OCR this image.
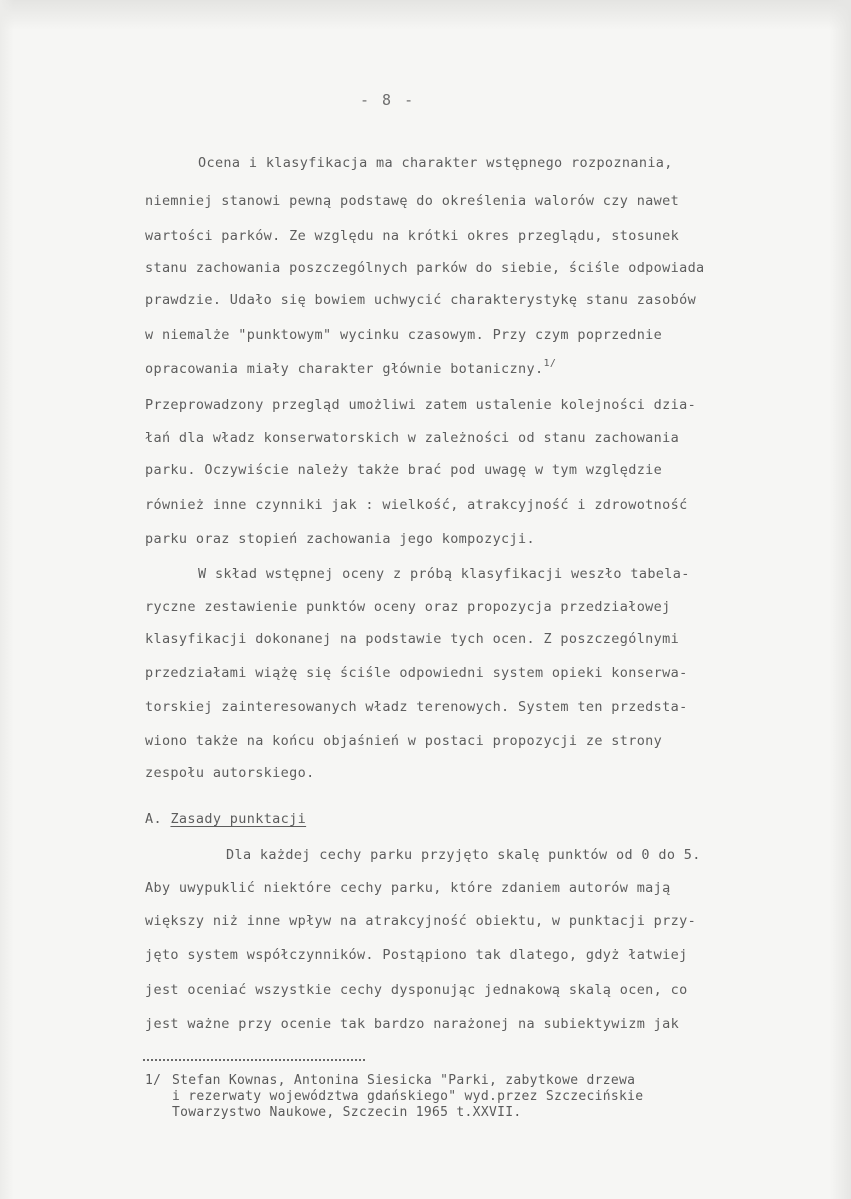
- 8 -
Ocena i klasyfikacja ma charakter wstępnego rozpoznania,
niemniej stanowi pewną podstawę do określenia walorów czy nawet
wartości parków. Ze względu na krótki okres przeglądu, stosunek
stanu zachowania poszczególnych parków do siebie, ściśle odpowiada
prawdzie. Udało się bowiem uchwycić charakterystykę stanu zasobów
w niemalże "punktowym" wycinku czasowym. Przy czym poprzednie
opracowania miały charakter głównie botaniczny.$^{1/}$
Przeprowadzony przegląd umożliwi zatem ustalenie kolejności dzia-
łań dla władz konserwatorskich w zależności od stanu zachowania
parku. Oczywiście należy także brać pod uwagę w tym względzie
również inne czynniki jak : wielkość, atrakcyjność i zdrowotność
parku oraz stopień zachowania jego kompozycji.
W skład wstępnej oceny z próbą klasyfikacji weszło tabela-
ryczne zestawienie punktów oceny oraz propozycja przedziałowej
klasyfikacji dokonanej na podstawie tych ocen. Z poszczególnymi
przedziałami wiążę się ściśle odpowiedni system opieki konserwa-
torskiej zainteresowanych władz terenowych. System ten przedsta-
wiono także na końcu objaśnień w postaci propozycji ze strony
zespołu autorskiego.
A. Zasady punktacji
Dla każdej cechy parku przyjęto skalę punktów od 0 do 5.
Aby uwypuklić niektóre cechy parku, które zdaniem autorów mają
większy niż inne wpływ na atrakcyjność obiektu, w punktacji przy-
jęto system współczynników. Postąpiono tak dlatego, gdyż łatwiej
jest oceniać wszystkie cechy dysponując jednakową skalą ocen, co
jest ważne przy ocenie tak bardzo narażonej na subiektywizm jak
1/ Stefan Kownas, Antonina Siesicka "Parki, zabytkowe drzewa
i rezerwaty województwa gdańskiego" wyd.przez Szczecińskie
Towarzystwo Naukowe, Szczecin 1965 t.XXVII.
